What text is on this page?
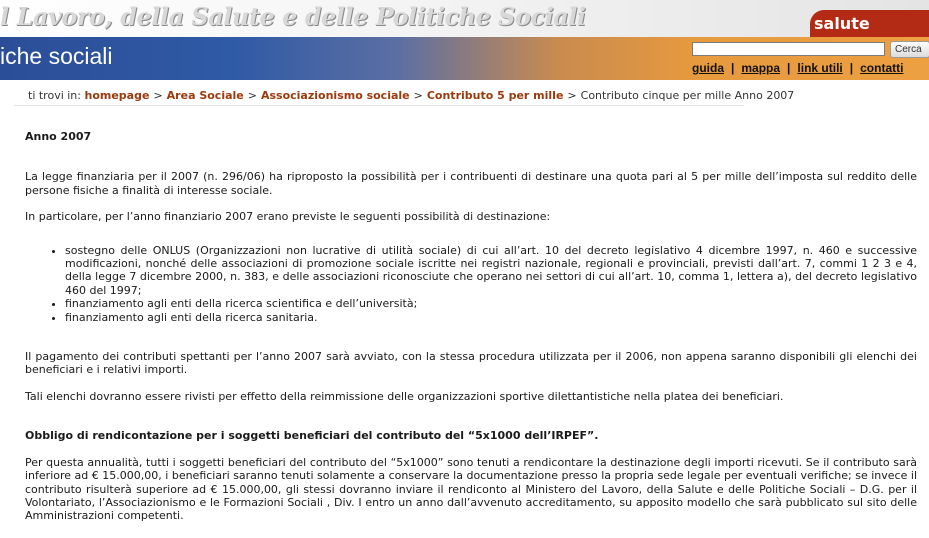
l Lavoro, della Salute e delle Politiche Sociali	salute
iche sociali	Cerca
guida | mappa | link utili | contatti
ti trovi in: homepage > Area Sociale > Associazionismo sociale > Contributo 5 per mille > Contributo cinque per mille Anno 2007
Anno 2007

La legge finanziaria per il 2007 (n. 296/06) ha riproposto la possibilità per i contribuenti di destinare una quota pari al 5 per mille dell’imposta sul reddito delle persone fisiche a finalità di interesse sociale.

In particolare, per l’anno finanziario 2007 erano previste le seguenti possibilità di destinazione:

• sostegno delle ONLUS (Organizzazioni non lucrative di utilità sociale) di cui all’art. 10 del decreto legislativo 4 dicembre 1997, n. 460 e successive modificazioni, nonché delle associazioni di promozione sociale iscritte nei registri nazionale, regionali e provinciali, previsti dall’art. 7, commi 1 2 3 e 4, della legge 7 dicembre 2000, n. 383, e delle associazioni riconosciute che operano nei settori di cui all’art. 10, comma 1, lettera a), del decreto legislativo 460 del 1997;
• finanziamento agli enti della ricerca scientifica e dell’università;
• finanziamento agli enti della ricerca sanitaria.

Il pagamento dei contributi spettanti per l’anno 2007 sarà avviato, con la stessa procedura utilizzata per il 2006, non appena saranno disponibili gli elenchi dei beneficiari e i relativi importi.

Tali elenchi dovranno essere rivisti per effetto della reimmissione delle organizzazioni sportive dilettantistiche nella platea dei beneficiari.

Obbligo di rendicontazione per i soggetti beneficiari del contributo del “5x1000 dell’IRPEF”.

Per questa annualità, tutti i soggetti beneficiari del contributo del “5x1000” sono tenuti a rendicontare la destinazione degli importi ricevuti. Se il contributo sarà inferiore ad € 15.000,00, i beneficiari saranno tenuti solamente a conservare la documentazione presso la propria sede legale per eventuali verifiche; se invece il contributo risulterà superiore ad € 15.000,00, gli stessi dovranno inviare il rendiconto al Ministero del Lavoro, della Salute e delle Politiche Sociali – D.G. per il Volontariato, l’Associazionismo e le Formazioni Sociali , Div. I entro un anno dall’avvenuto accreditamento, su apposito modello che sarà pubblicato sul sito delle Amministrazioni competenti.
